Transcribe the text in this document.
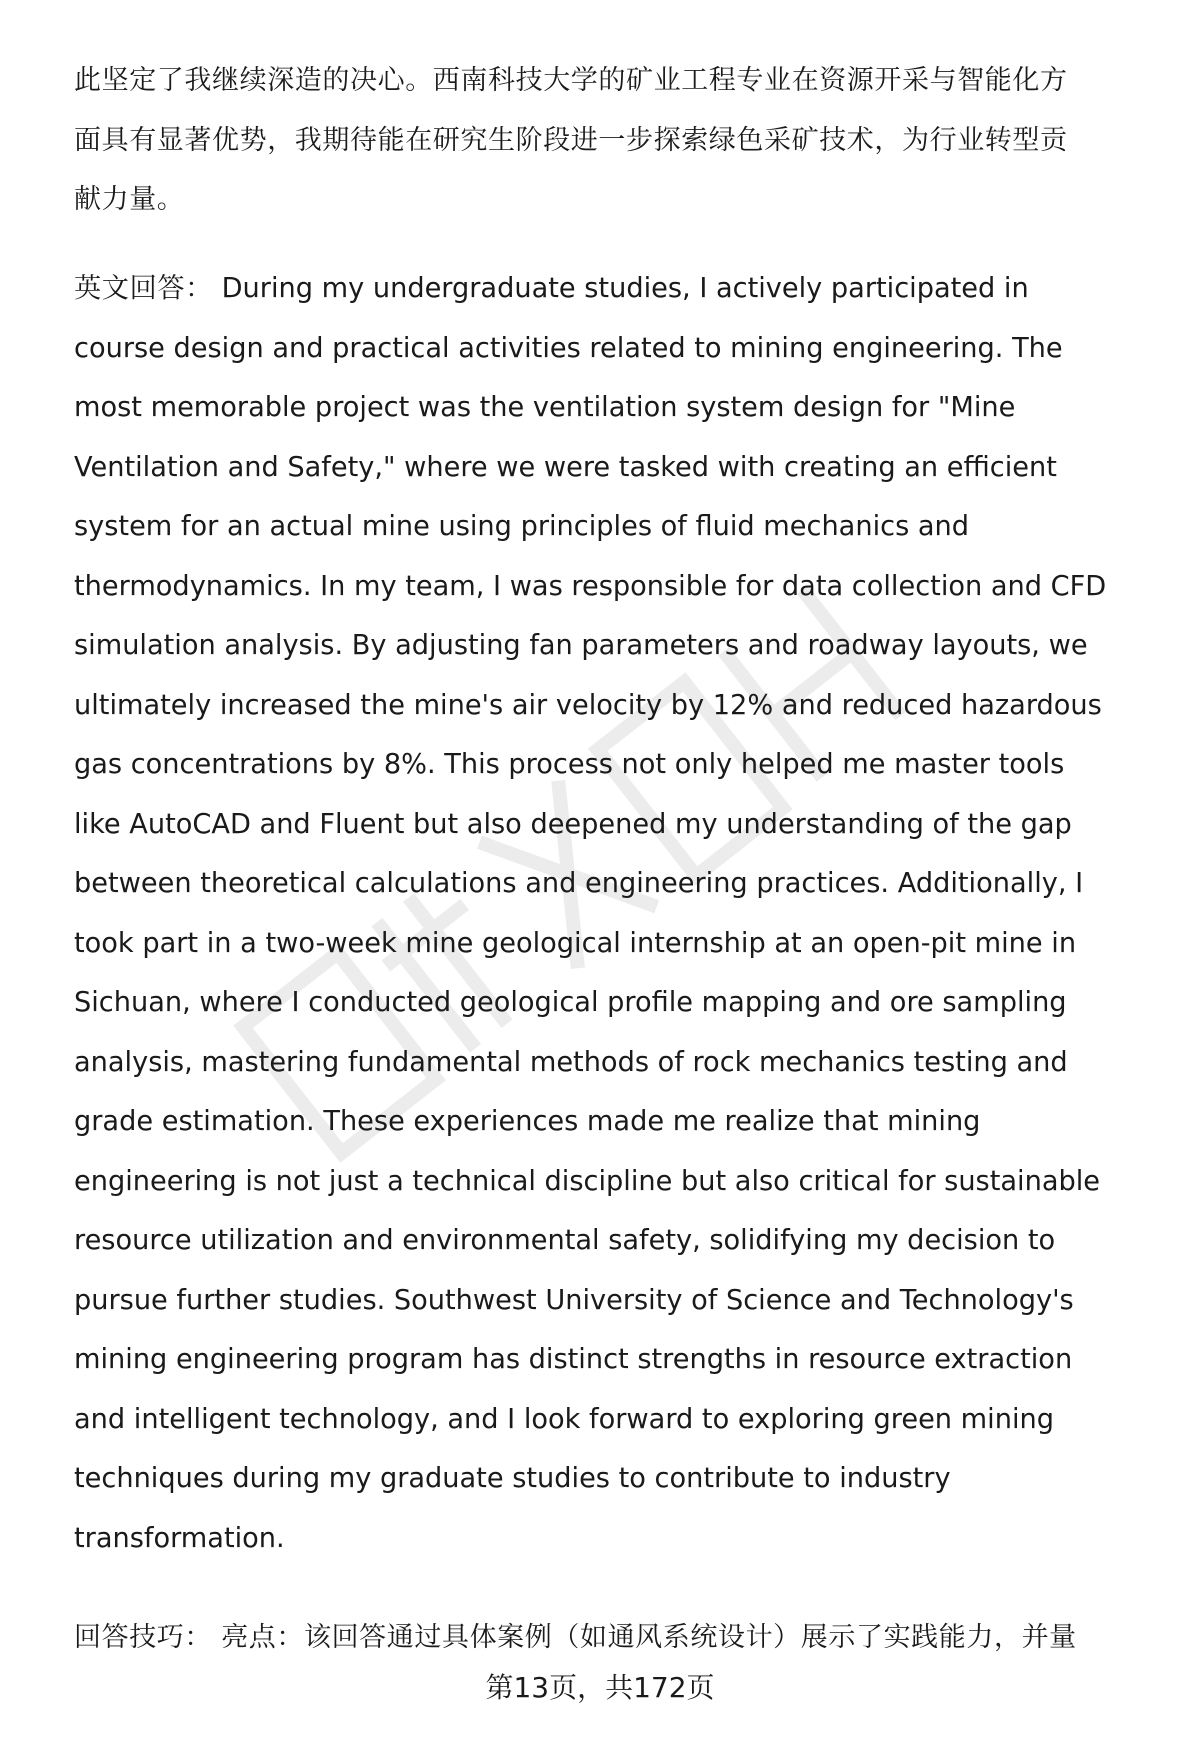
此坚定了我继续深造的决心。西南科技大学的矿业工程专业在资源开采与智能化方
面具有显著优势，我期待能在研究生阶段进一步探索绿色采矿技术，为行业转型贡
献力量。
英文回答： During my undergraduate studies, I actively participated in
course design and practical activities related to mining engineering. The
most memorable project was the ventilation system design for "Mine
Ventilation and Safety," where we were tasked with creating an efficient
system for an actual mine using principles of fluid mechanics and
thermodynamics. In my team, I was responsible for data collection and CFD
simulation analysis. By adjusting fan parameters and roadway layouts, we
ultimately increased the mine's air velocity by 12% and reduced hazardous
gas concentrations by 8%. This process not only helped me master tools
like AutoCAD and Fluent but also deepened my understanding of the gap
between theoretical calculations and engineering practices. Additionally, I
took part in a two-week mine geological internship at an open-pit mine in
Sichuan, where I conducted geological profile mapping and ore sampling
analysis, mastering fundamental methods of rock mechanics testing and
grade estimation. These experiences made me realize that mining
engineering is not just a technical discipline but also critical for sustainable
resource utilization and environmental safety, solidifying my decision to
pursue further studies. Southwest University of Science and Technology's
mining engineering program has distinct strengths in resource extraction
and intelligent technology, and I look forward to exploring green mining
techniques during my graduate studies to contribute to industry
transformation.
回答技巧： 亮点：该回答通过具体案例（如通风系统设计）展示了实践能力，并量
第13页，共172页
